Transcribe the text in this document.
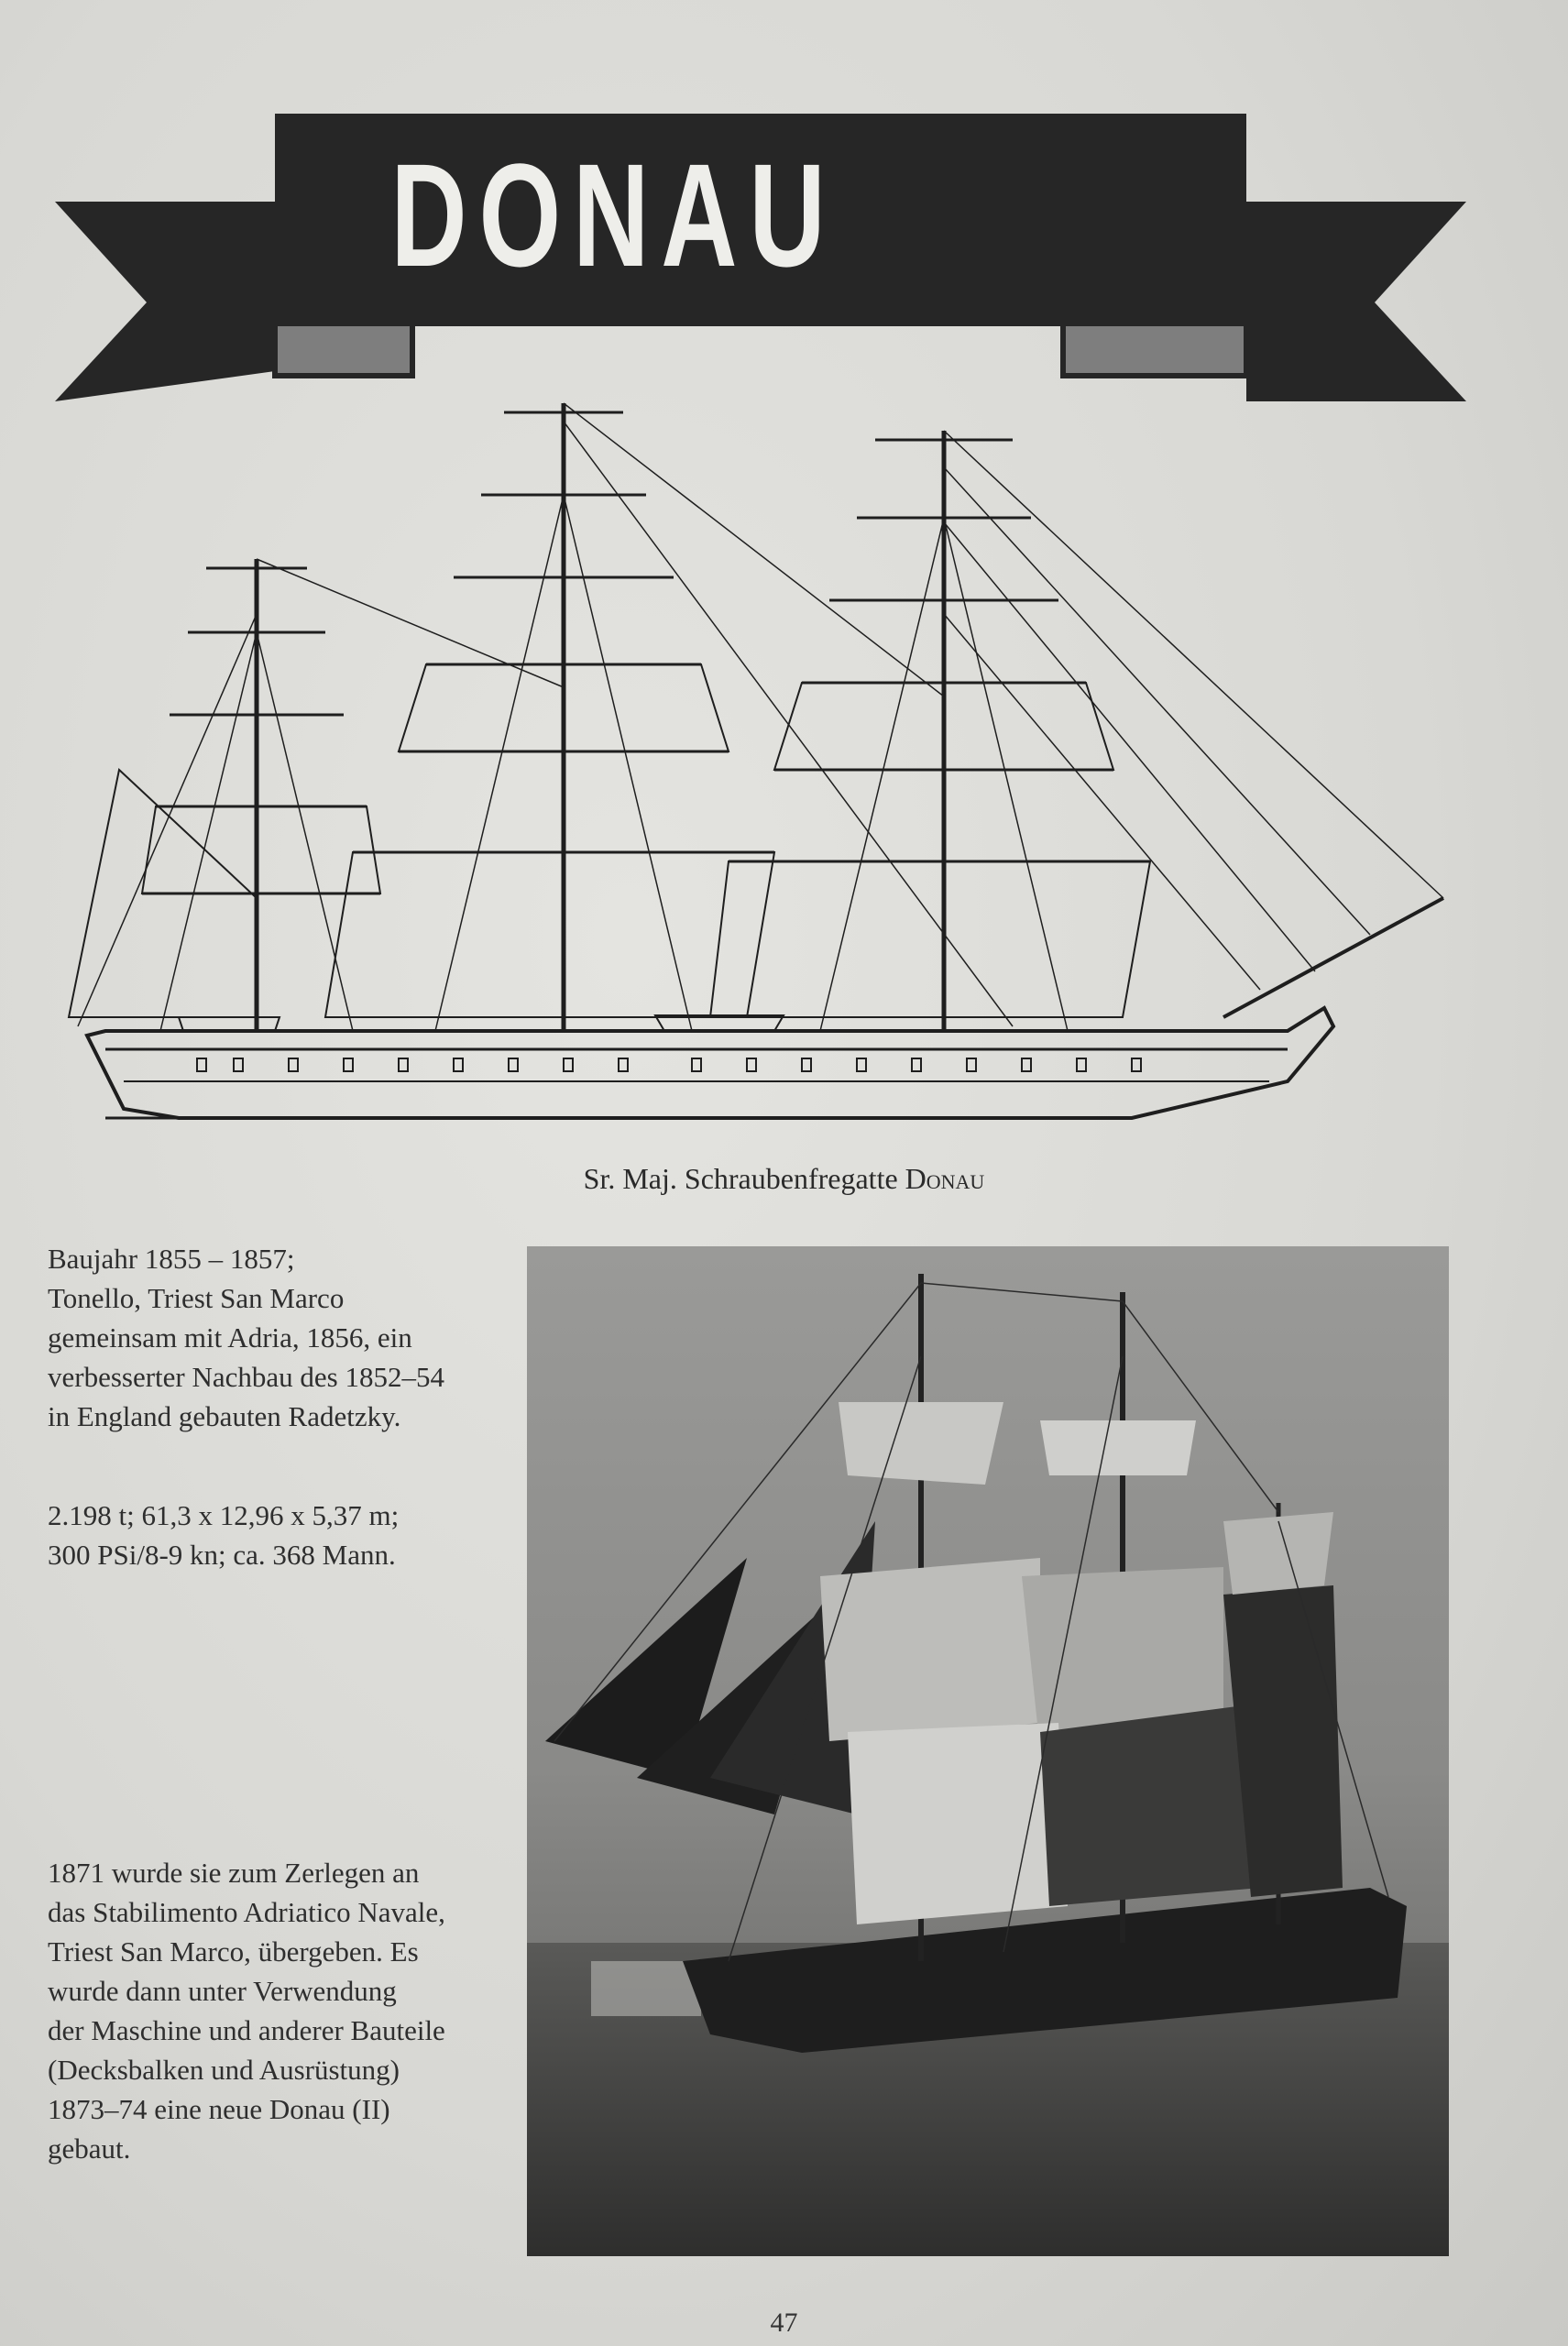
DONAU
Sr. Maj. Schraubenfregatte Donau

Baujahr 1855 – 1857;

Tonello, Triest San Marco

gemeinsam mit Adria, 1856, ein

verbesserter Nachbau des 1852–54

in England gebauten Radetzky.

2.198 t; 61,3 x 12,96 x 5,37 m;

300 PSi/8-9 kn; ca. 368 Mann.

1871 wurde sie zum Zerlegen an

das Stabilimento Adriatico Navale,

Triest San Marco, übergeben. Es

wurde dann unter Verwendung

der Maschine und anderer Bauteile

(Decksbalken und Ausrüstung)

1873–74 eine neue Donau (II)

gebaut.

47
